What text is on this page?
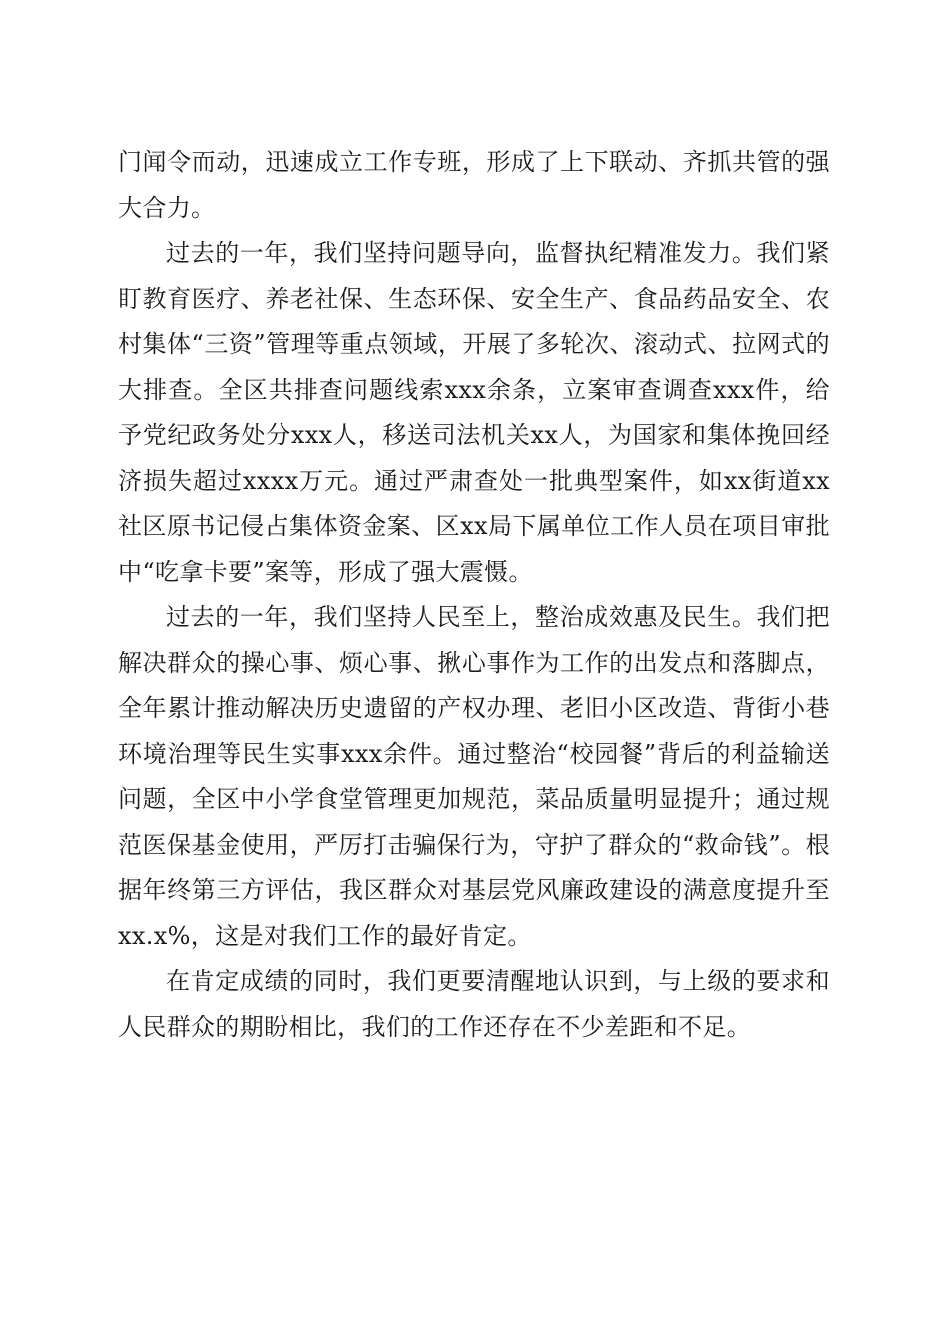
门闻令而动，迅速成立工作专班，形成了上下联动、齐抓共管的强大合力。

过去的一年，我们坚持问题导向，监督执纪精准发力。我们紧盯教育医疗、养老社保、生态环保、安全生产、食品药品安全、农村集体“三资”管理等重点领域，开展了多轮次、滚动式、拉网式的大排查。全区共排查问题线索xxx余条，立案审查调查xxx件，给予党纪政务处分xxx人，移送司法机关xx人，为国家和集体挽回经济损失超过xxxx万元。通过严肃查处一批典型案件，如xx街道xx社区原书记侵占集体资金案、区xx局下属单位工作人员在项目审批中“吃拿卡要”案等，形成了强大震慑。

过去的一年，我们坚持人民至上，整治成效惠及民生。我们把解决群众的操心事、烦心事、揪心事作为工作的出发点和落脚点，全年累计推动解决历史遗留的产权办理、老旧小区改造、背街小巷环境治理等民生实事xxx余件。通过整治“校园餐”背后的利益输送问题，全区中小学食堂管理更加规范，菜品质量明显提升；通过规范医保基金使用，严厉打击骗保行为，守护了群众的“救命钱”。根据年终第三方评估，我区群众对基层党风廉政建设的满意度提升至xx.x%，这是对我们工作的最好肯定。

在肯定成绩的同时，我们更要清醒地认识到，与上级的要求和人民群众的期盼相比，我们的工作还存在不少差距和不足。
